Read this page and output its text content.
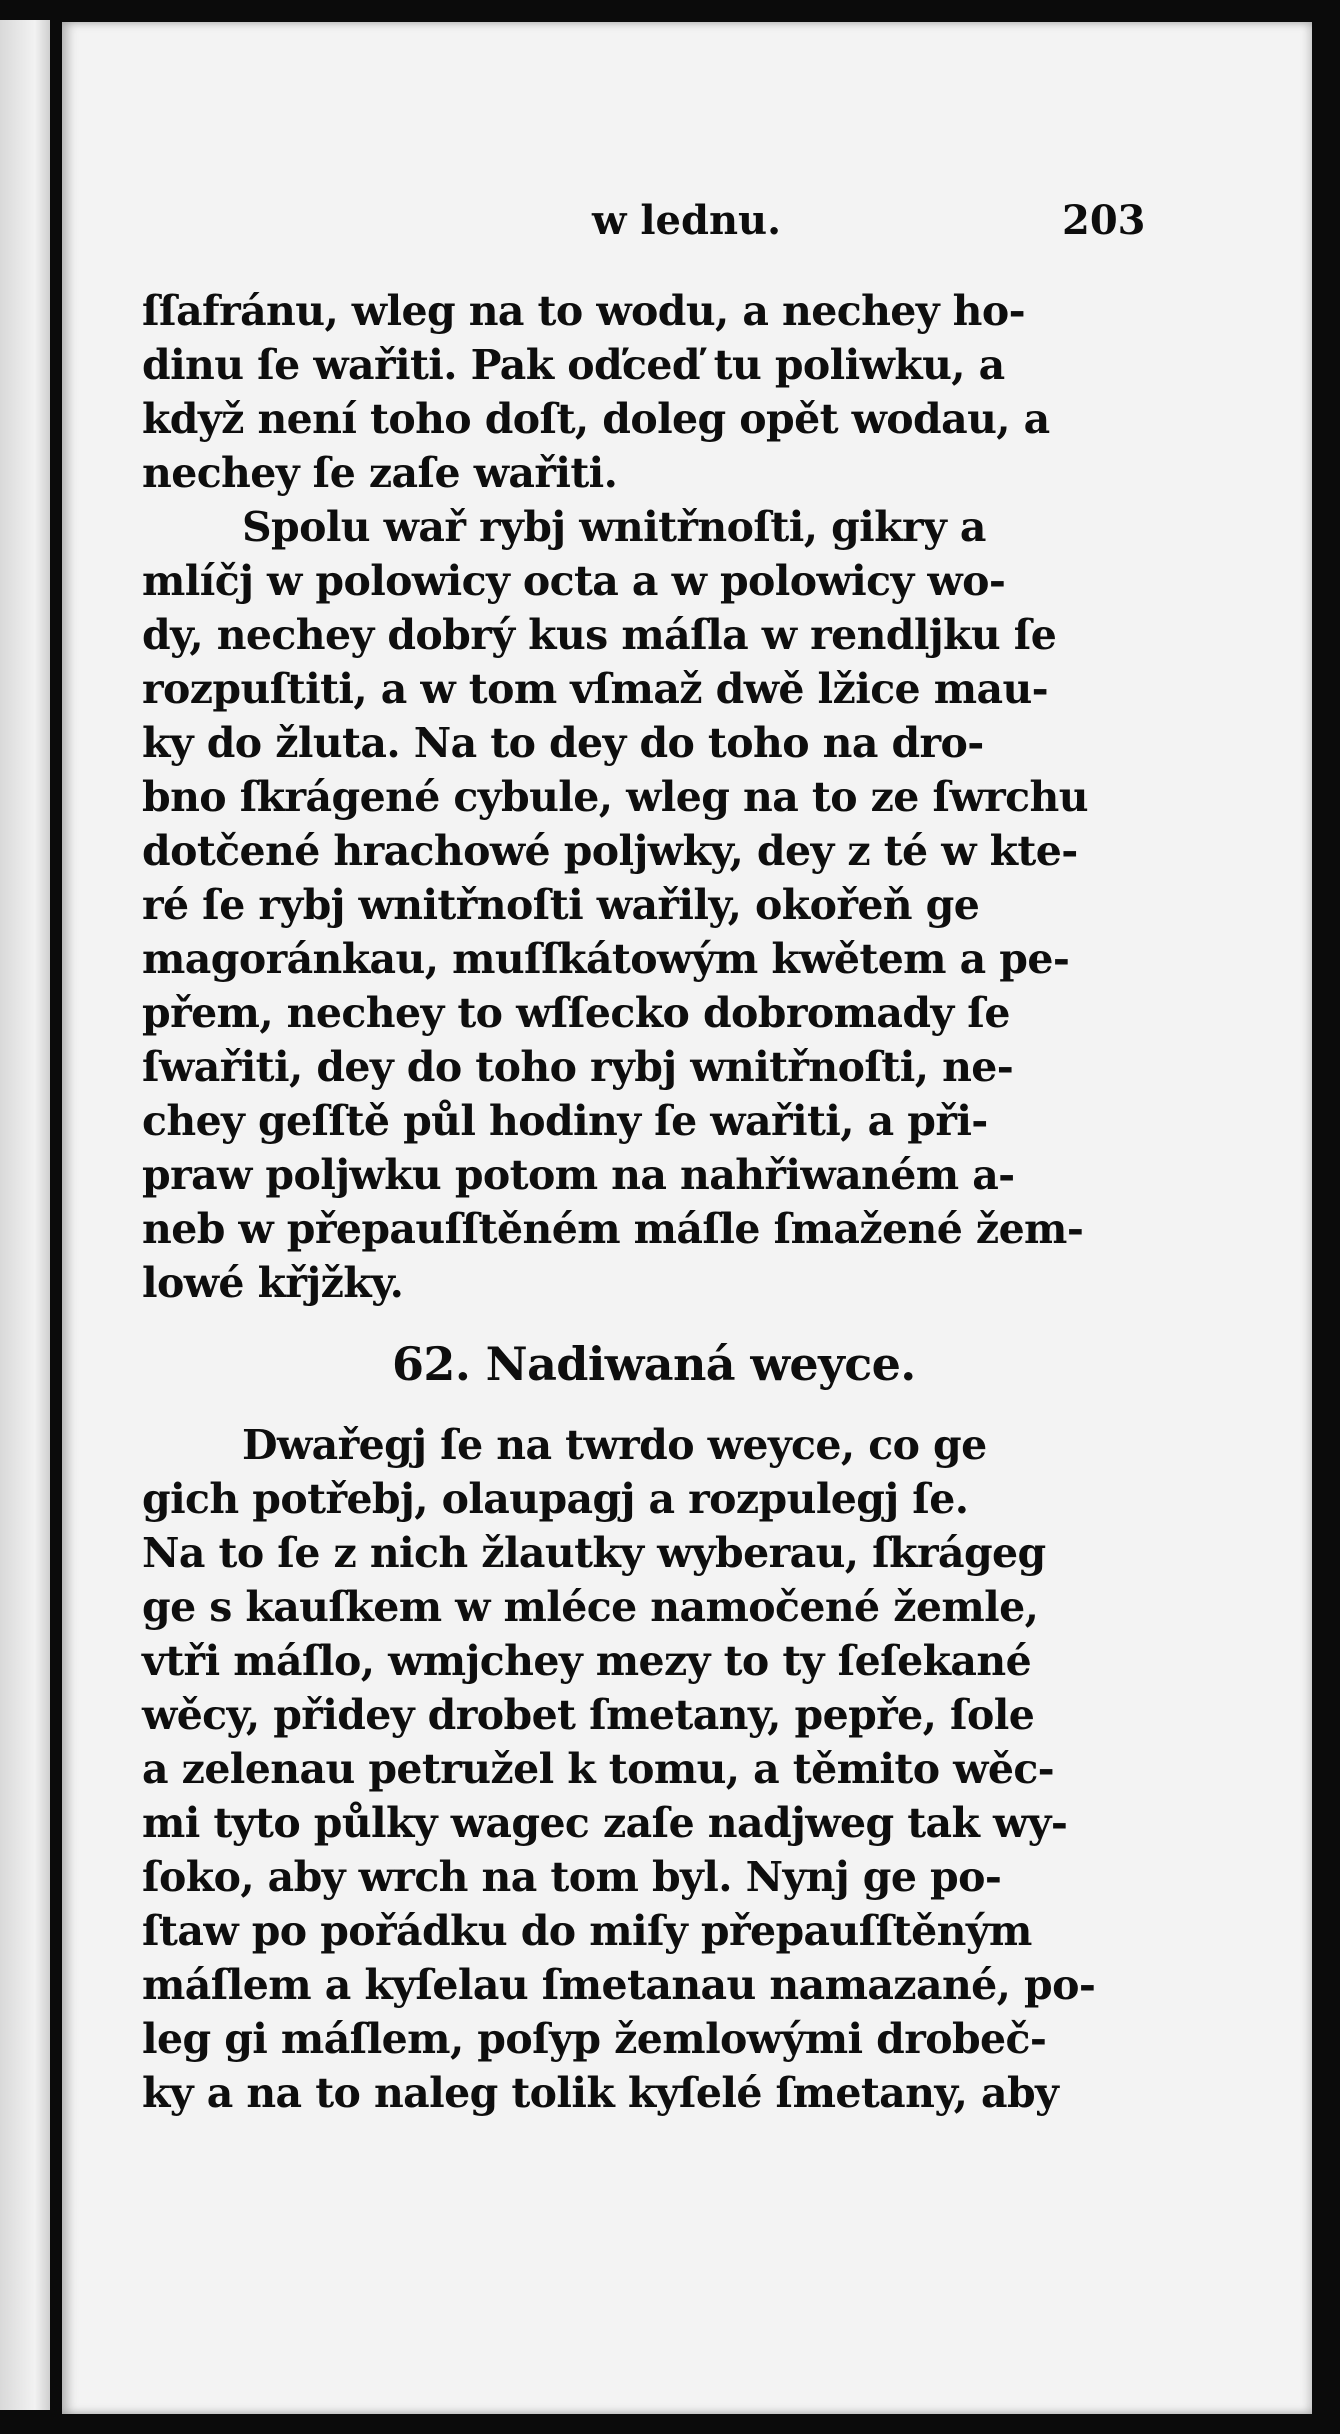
w lednu.	203
ſſafránu, wleg na to wodu, a nechey ho-
dinu ſe wařiti. Pak oďceď tu poliwku, a
když není toho doſt, doleg opět wodau, a
nechey ſe zaſe wařiti.
Spolu wař rybj wnitřnoſti, gikry a
mlíčj w polowicy octa a w polowicy wo-
dy, nechey dobrý kus máſla w rendljku ſe
rozpuſtiti, a w tom vſmaž dwě lžice mau-
ky do žluta. Na to dey do toho na dro-
bno ſkrágené cybule, wleg na to ze ſwrchu
dotčené hrachowé poljwky, dey z té w kte-
ré ſe rybj wnitřnoſti wařily, okořeň ge
magoránkau, muſſkátowým kwětem a pe-
přem, nechey to wſſecko dobromady ſe
ſwařiti, dey do toho rybj wnitřnoſti, ne-
chey geſſtě půl hodiny ſe wařiti, a při-
praw poljwku potom na nahřiwaném a-
neb w přepauſſtěném máſle ſmažené žem-
lowé křjžky.
62. Nadiwaná weyce.
Dwařegj ſe na twrdo weyce, co ge
gich potřebj, olaupagj a rozpulegj ſe.
Na to ſe z nich žlautky wyberau, ſkrágeg
ge s kauſkem w mléce namočené žemle,
vtři máſlo, wmjchey mezy to ty ſeſekané
wěcy, přidey drobet ſmetany, pepře, ſole
a zelenau petružel k tomu, a těmito wěc-
mi tyto půlky wagec zaſe nadjweg tak wy-
ſoko, aby wrch na tom byl. Nynj ge po-
ſtaw po pořádku do miſy přepauſſtěným
máſlem a kyſelau ſmetanau namazané, po-
leg gi máſlem, poſyp žemlowými drobeč-
ky a na to naleg tolik kyſelé ſmetany, aby
